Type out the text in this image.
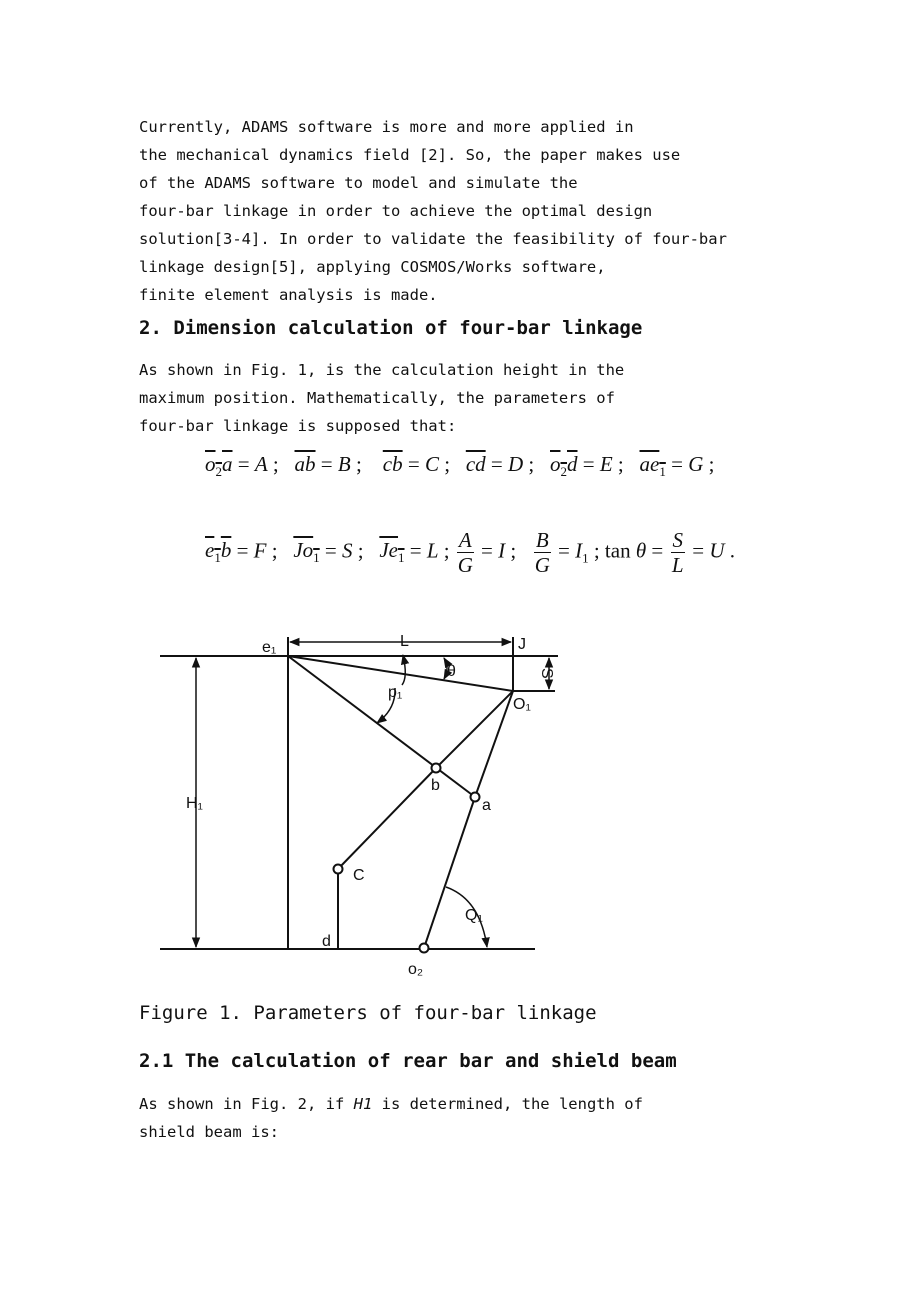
Currently, ADAMS software is more and more applied in
the mechanical dynamics field [2]. So, the paper makes use
of the ADAMS software to model and simulate the
four-bar linkage in order to achieve the optimal design
solution[3-4]. In order to validate the feasibility of four-bar
linkage design[5], applying COSMOS/Works software,
finite element analysis is made.
2. Dimension calculation of four-bar linkage
As shown in Fig. 1, is the calculation height in the
maximum position. Mathematically, the parameters of
four-bar linkage is supposed that:
$o_2a = A$ ;   $\overline{ab} = B$ ;    $\overline{cb} = C$ ;   $\overline{cd} = D$ ;   $o_2d = E$ ;   $ae_1 = G$ ;
$e_1b = F$ ;   $Jo_1 = S$ ;   $Je_1 = L$ ; $\frac{A}{G} = I$ ; $\frac{B}{G} = I_1$ ; $\tan \theta = \frac{S}{L} = U$ .
e₁	L	J
θ	S
p₁
O₁
b
a
H₁
C
Q₁
d
o₂
Figure 1. Parameters of four-bar linkage
2.1 The calculation of rear bar and shield beam
As shown in Fig. 2, if H1 is determined, the length of
shield beam is:
